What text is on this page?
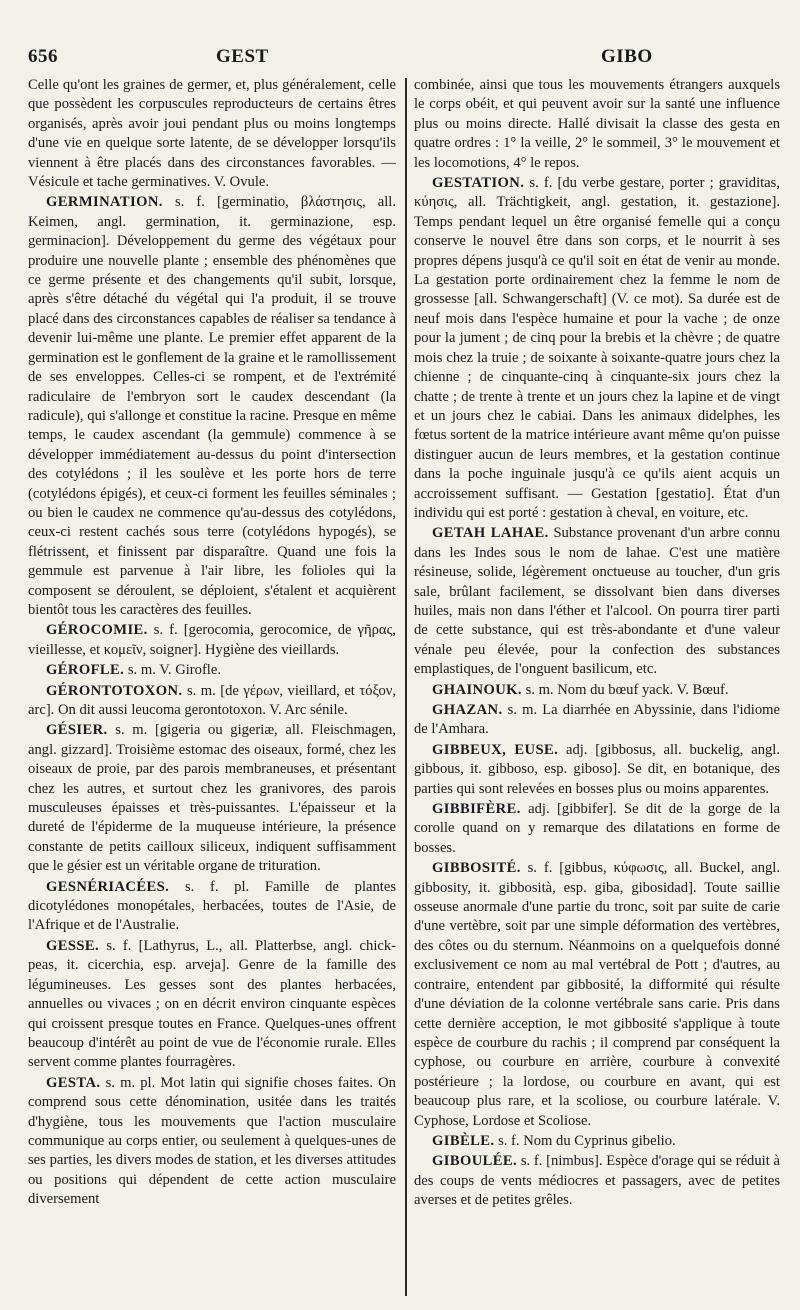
656	GEST	GIBO

Celle qu'ont les graines de germer, et, plus généralement, celle que possèdent les corpuscules reproducteurs de certains êtres organisés, après avoir joui pendant plus ou moins longtemps d'une vie en quelque sorte latente, de se développer lorsqu'ils viennent à être placés dans des circonstances favorables. — Vésicule et tache germinatives. V. Ovule.

GERMINATION. s. f. [germinatio, βλάστησις, all. Keimen, angl. germination, it. germinazione, esp. germinacion]. Développement du germe des végétaux pour produire une nouvelle plante ; ensemble des phénomènes que ce germe présente et des changements qu'il subit, lorsque, après s'être détaché du végétal qui l'a produit, il se trouve placé dans des circonstances capables de réaliser sa tendance à devenir lui-même une plante. Le premier effet apparent de la germination est le gonflement de la graine et le ramollissement de ses enveloppes. Celles-ci se rompent, et de l'extrémité radiculaire de l'embryon sort le caudex descendant (la radicule), qui s'allonge et constitue la racine. Presque en même temps, le caudex ascendant (la gemmule) commence à se développer immédiatement au-dessus du point d'intersection des cotylédons ; il les soulève et les porte hors de terre (cotylédons épigés), et ceux-ci forment les feuilles séminales ; ou bien le caudex ne commence qu'au-dessus des cotylédons, ceux-ci restent cachés sous terre (cotylédons hypogés), se flétrissent, et finissent par disparaître. Quand une fois la gemmule est parvenue à l'air libre, les folioles qui la composent se déroulent, se déploient, s'étalent et acquièrent bientôt tous les caractères des feuilles.

GÉROCOMIE. s. f. [gerocomia, gerocomice, de γῆρας, vieillesse, et κομεῖν, soigner]. Hygiène des vieillards.

GÉROFLE. s. m. V. Girofle.

GÉRONTOTOXON. s. m. [de γέρων, vieillard, et τόξον, arc]. On dit aussi leucoma gerontotoxon. V. Arc sénile.

GÉSIER. s. m. [gigeria ou gigeriæ, all. Fleischmagen, angl. gizzard]. Troisième estomac des oiseaux, formé, chez les oiseaux de proie, par des parois membraneuses, et présentant chez les autres, et surtout chez les granivores, des parois musculeuses épaisses et très-puissantes. L'épaisseur et la dureté de l'épiderme de la muqueuse intérieure, la présence constante de petits cailloux siliceux, indiquent suffisamment que le gésier est un véritable organe de trituration.

GESNÉRIACÉES. s. f. pl. Famille de plantes dicotylédones monopétales, herbacées, toutes de l'Asie, de l'Afrique et de l'Australie.

GESSE. s. f. [Lathyrus, L., all. Platterbse, angl. chick-peas, it. cicerchia, esp. arveja]. Genre de la famille des légumineuses. Les gesses sont des plantes herbacées, annuelles ou vivaces ; on en décrit environ cinquante espèces qui croissent presque toutes en France. Quelques-unes offrent beaucoup d'intérêt au point de vue de l'économie rurale. Elles servent comme plantes fourragères.

GESTA. s. m. pl. Mot latin qui signifie choses faites. On comprend sous cette dénomination, usitée dans les traités d'hygiène, tous les mouvements que l'action musculaire communique au corps entier, ou seulement à quelques-unes de ses parties, les divers modes de station, et les diverses attitudes ou positions qui dépendent de cette action musculaire diversement

combinée, ainsi que tous les mouvements étrangers auxquels le corps obéit, et qui peuvent avoir sur la santé une influence plus ou moins directe. Hallé divisait la classe des gesta en quatre ordres : 1° la veille, 2° le sommeil, 3° le mouvement et les locomotions, 4° le repos.

GESTATION. s. f. [du verbe gestare, porter ; graviditas, κύησις, all. Trächtigkeit, angl. gestation, it. gestazione]. Temps pendant lequel un être organisé femelle qui a conçu conserve le nouvel être dans son corps, et le nourrit à ses propres dépens jusqu'à ce qu'il soit en état de venir au monde. La gestation porte ordinairement chez la femme le nom de grossesse [all. Schwangerschaft] (V. ce mot). Sa durée est de neuf mois dans l'espèce humaine et pour la vache ; de onze pour la jument ; de cinq pour la brebis et la chèvre ; de quatre mois chez la truie ; de soixante à soixante-quatre jours chez la chienne ; de cinquante-cinq à cinquante-six jours chez la chatte ; de trente à trente et un jours chez la lapine et de vingt et un jours chez le cabiai. Dans les animaux didelphes, les fœtus sortent de la matrice intérieure avant même qu'on puisse distinguer aucun de leurs membres, et la gestation continue dans la poche inguinale jusqu'à ce qu'ils aient acquis un accroissement suffisant. — Gestation [gestatio]. État d'un individu qui est porté : gestation à cheval, en voiture, etc.

GETAH LAHAE. Substance provenant d'un arbre connu dans les Indes sous le nom de lahae. C'est une matière résineuse, solide, légèrement onctueuse au toucher, d'un gris sale, brûlant facilement, se dissolvant bien dans diverses huiles, mais non dans l'éther et l'alcool. On pourra tirer parti de cette substance, qui est très-abondante et d'une valeur vénale peu élevée, pour la confection des substances emplastiques, de l'onguent basilicum, etc.

GHAINOUK. s. m. Nom du bœuf yack. V. Bœuf.

GHAZAN. s. m. La diarrhée en Abyssinie, dans l'idiome de l'Amhara.

GIBBEUX, EUSE. adj. [gibbosus, all. buckelig, angl. gibbous, it. gibboso, esp. giboso]. Se dit, en botanique, des parties qui sont relevées en bosses plus ou moins apparentes.

GIBBIFÈRE. adj. [gibbifer]. Se dit de la gorge de la corolle quand on y remarque des dilatations en forme de bosses.

GIBBOSITÉ. s. f. [gibbus, κύφωσις, all. Buckel, angl. gibbosity, it. gibbosità, esp. giba, gibosidad]. Toute saillie osseuse anormale d'une partie du tronc, soit par suite de carie d'une vertèbre, soit par une simple déformation des vertèbres, des côtes ou du sternum. Néanmoins on a quelquefois donné exclusivement ce nom au mal vertébral de Pott ; d'autres, au contraire, entendent par gibbosité, la difformité qui résulte d'une déviation de la colonne vertébrale sans carie. Pris dans cette dernière acception, le mot gibbosité s'applique à toute espèce de courbure du rachis ; il comprend par conséquent la cyphose, ou courbure en arrière, courbure à convexité postérieure ; la lordose, ou courbure en avant, qui est beaucoup plus rare, et la scoliose, ou courbure latérale. V. Cyphose, Lordose et Scoliose.

GIBÈLE. s. f. Nom du Cyprinus gibelio.

GIBOULÉE. s. f. [nimbus]. Espèce d'orage qui se réduit à des coups de vents médiocres et passagers, avec de petites averses et de petites grêles.
